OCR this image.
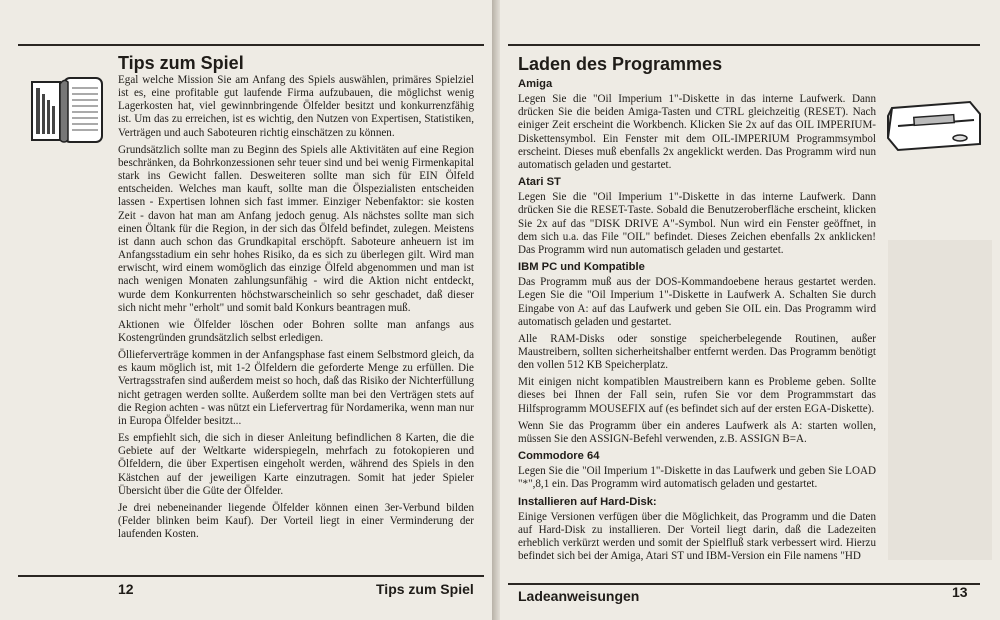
Tips zum Spiel

Egal welche Mission Sie am Anfang des Spiels auswählen, primäres Spielziel ist es, eine profitable gut laufende Firma aufzubauen, die möglichst wenig Lagerkosten hat, viel gewinnbringende Ölfelder besitzt und konkurrenzfähig ist. Um das zu erreichen, ist es wichtig, den Nutzen von Expertisen, Statistiken, Verträgen und auch Saboteuren richtig einschätzen zu können.

Grundsätzlich sollte man zu Beginn des Spiels alle Aktivitäten auf eine Region beschränken, da Bohrkonzessionen sehr teuer sind und bei wenig Firmenkapital stark ins Gewicht fallen. Desweiteren sollte man sich für EIN Ölfeld entscheiden. Welches man kauft, sollte man die Ölspezialisten entscheiden lassen - Expertisen lohnen sich fast immer. Einziger Nebenfaktor: sie kosten Zeit - davon hat man am Anfang jedoch genug. Als nächstes sollte man sich einen Öltank für die Region, in der sich das Ölfeld befindet, zulegen. Meistens ist dann auch schon das Grundkapital erschöpft. Saboteure anheuern ist im Anfangsstadium ein sehr hohes Risiko, da es sich zu überlegen gilt. Wird man erwischt, wird einem womöglich das einzige Ölfeld abgenommen und man ist nach wenigen Monaten zahlungsunfähig - wird die Aktion nicht entdeckt, wurde dem Konkurrenten höchstwarscheinlich so sehr geschadet, daß dieser sich nicht mehr "erholt" und somit bald Konkurs beantragen muß.

Aktionen wie Ölfelder löschen oder Bohren sollte man anfangs aus Kostengründen grundsätzlich selbst erledigen.

Öllieferverträge kommen in der Anfangsphase fast einem Selbstmord gleich, da es kaum möglich ist, mit 1-2 Ölfeldern die geforderte Menge zu erfüllen. Die Vertragsstrafen sind außerdem meist so hoch, daß das Risiko der Nichterfüllung nicht getragen werden sollte. Außerdem sollte man bei den Verträgen stets auf die Region achten - was nützt ein Liefervertrag für Nordamerika, wenn man nur in Europa Ölfelder besitzt...

Es empfiehlt sich, die sich in dieser Anleitung befindlichen 8 Karten, die die Gebiete auf der Weltkarte widerspiegeln, mehrfach zu fotokopieren und Ölfeldern, die über Expertisen eingeholt werden, während des Spiels in den Kästchen auf der jeweiligen Karte einzutragen. Somit hat jeder Spieler Übersicht über die Güte der Ölfelder.

Je drei nebeneinander liegende Ölfelder können einen 3er-Verbund bilden (Felder blinken beim Kauf). Der Vorteil liegt in einer Verminderung der laufenden Kosten.

12	Tips zum Spiel
Laden des Programmes
Amiga

Legen Sie die "Oil Imperium 1"-Diskette in das interne Laufwerk. Dann drücken Sie die beiden Amiga-Tasten und CTRL gleichzeitig (RESET). Nach einiger Zeit erscheint die Workbench. Klicken Sie 2x auf das OIL IMPERIUM-Diskettensymbol. Ein Fenster mit dem OIL-IMPERIUM Programmsymbol erscheint. Dieses muß ebenfalls 2x angeklickt werden. Das Programm wird nun automatisch geladen und gestartet.

Atari ST

Legen Sie die "Oil Imperium 1"-Diskette in das interne Laufwerk. Dann drücken Sie die RESET-Taste. Sobald die Benutzeroberfläche erscheint, klicken Sie 2x auf das "DISK DRIVE A"-Symbol. Nun wird ein Fenster geöffnet, in dem sich u.a. das File "OIL" befindet. Dieses Zeichen ebenfalls 2x anklicken! Das Programm wird nun automatisch geladen und gestartet.

IBM PC und Kompatible

Das Programm muß aus der DOS-Kommandoebene heraus gestartet werden. Legen Sie die "Oil Imperium 1"-Diskette in Laufwerk A. Schalten Sie durch Eingabe von A: auf das Laufwerk und geben Sie OIL ein. Das Programm wird automatisch geladen und gestartet.

Alle RAM-Disks oder sonstige speicherbelegende Routinen, außer Maustreibern, sollten sicherheitshalber entfernt werden. Das Programm benötigt den vollen 512 KB Speicherplatz.

Mit einigen nicht kompatiblen Maustreibern kann es Probleme geben. Sollte dieses bei Ihnen der Fall sein, rufen Sie vor dem Programmstart das Hilfsprogramm MOUSEFIX auf (es befindet sich auf der ersten EGA-Diskette).

Wenn Sie das Programm über ein anderes Laufwerk als A: starten wollen, müssen Sie den ASSIGN-Befehl verwenden, z.B. ASSIGN B=A.

Commodore 64

Legen Sie die "Oil Imperium 1"-Diskette in das Laufwerk und geben Sie LOAD "*",8,1 ein. Das Programm wird automatisch geladen und gestartet.

Installieren auf Hard-Disk:

Einige Versionen verfügen über die Möglichkeit, das Programm und die Daten auf Hard-Disk zu installieren. Der Vorteil liegt darin, daß die Ladezeiten erheblich verkürzt werden und somit der Spielfluß stark verbessert wird. Hierzu befindet sich bei der Amiga, Atari ST und IBM-Version ein File namens "HD

Ladeanweisungen	13
